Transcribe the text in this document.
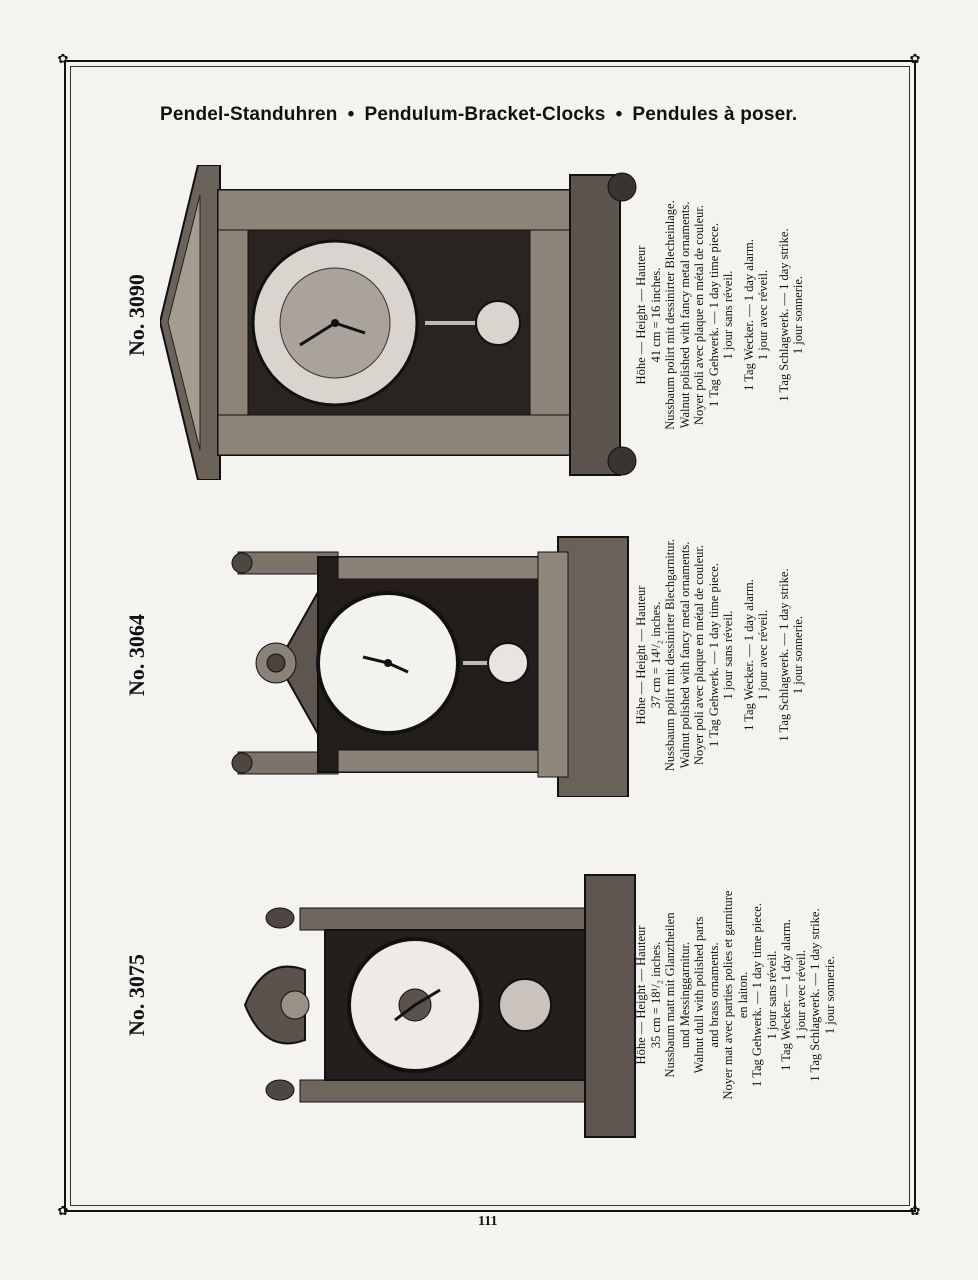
✿	✿
✿	✿
Pendel-Standuhren • Pendulum-Bracket-Clocks • Pendules à poser.
No. 3090	Höhe — Height — Hauteur 41 cm = 16 inches. Nussbaum polirt mit dessinirter Blecheinlage. Walnut polished with fancy metal ornaments. Noyer poli avec plaque en métal de couleur. 1 Tag Gehwerk. — 1 day time piece. 1 jour sans réveil. 1 Tag Wecker. — 1 day alarm. 1 jour avec réveil. 1 Tag Schlagwerk. — 1 day strike. 1 jour sonnerie.
No. 3064	Höhe — Height — Hauteur 37 cm = 14¹/₂ inches. Nussbaum polirt mit dessinirter Blechgarnitur. Walnut polished with fancy metal ornaments. Noyer poli avec plaque en métal de couleur. 1 Tag Gehwerk. — 1 day time piece. 1 jour sans réveil. 1 Tag Wecker. — 1 day alarm. 1 jour avec réveil. 1 Tag Schlagwerk. — 1 day strike. 1 jour sonnerie.
No. 3075	Höhe — Height — Hauteur 35 cm = 18¹/₂ inches. Nussbaum matt mit Glanztheilen und Messinggarnitur. Walnut dull with polished parts and brass ornaments. Noyer mat avec parties polies et garniture en laiton. 1 Tag Gehwerk. — 1 day time piece. 1 jour sans réveil. 1 Tag Wecker. — 1 day alarm. 1 jour avec réveil. 1 Tag Schlagwerk. — 1 day strike. 1 jour sonnerie.
111
